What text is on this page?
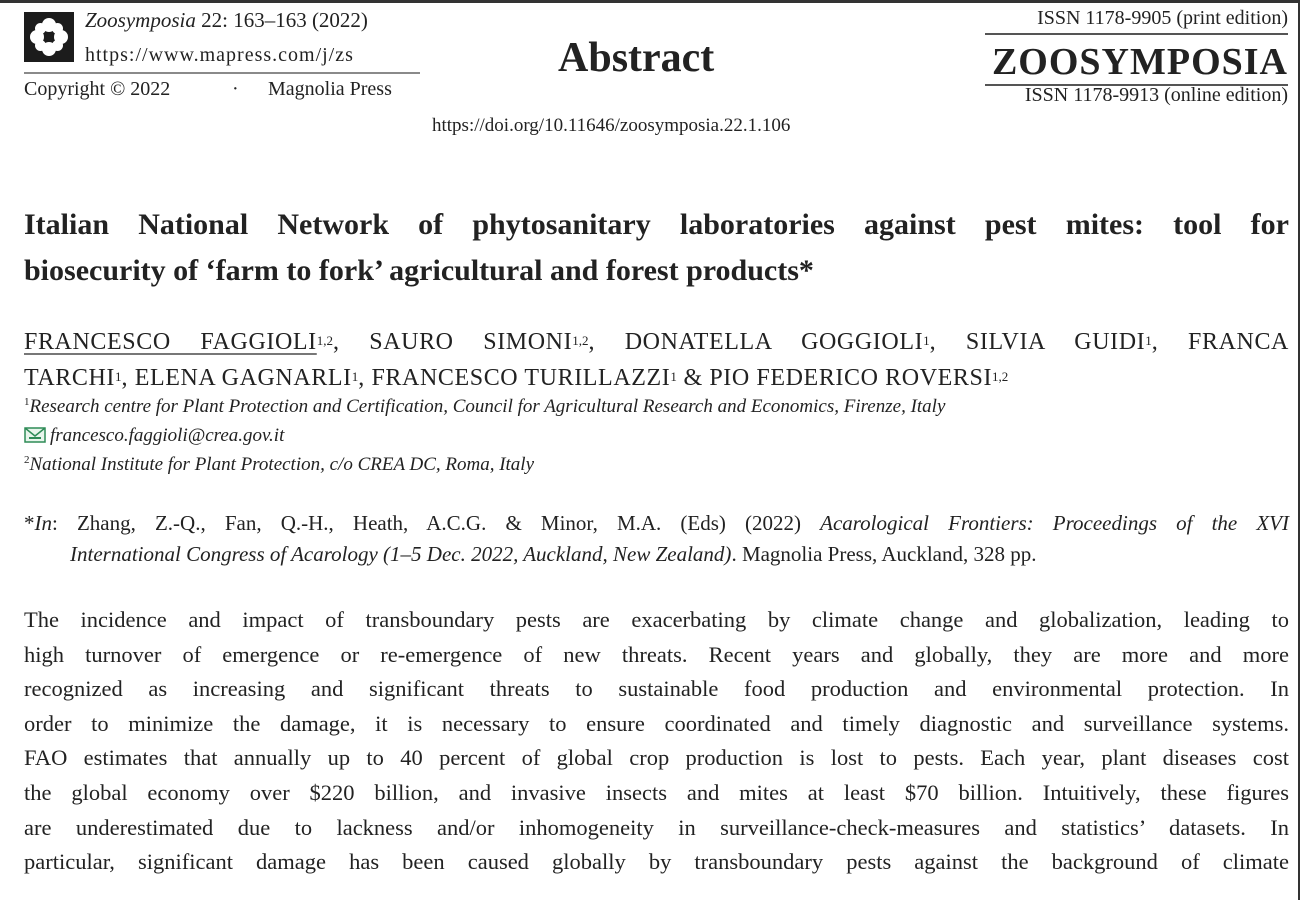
Zoosymposia 22: 163–163 (2022)
https://www.mapress.com/j/zs
Copyright © 2022	· Magnolia Press
Abstract
https://doi.org/10.11646/zoosymposia.22.1.106
ISSN 1178-9905 (print edition)
ZOOSYMPOSIA
ISSN 1178-9913 (online edition)
Italian National Network of phytosanitary laboratories against pest mites: tool for
biosecurity of ‘farm to fork’ agricultural and forest products*
FRANCESCO FAGGIOLI$^{1,2}$, SAURO SIMONI$^{1,2}$, DONATELLA GOGGIOLI$^1$, SILVIA GUIDI$^1$, FRANCA
TARCHI$^1$, ELENA GAGNARLI$^1$, FRANCESCO TURILLAZZI$^1$ & PIO FEDERICO ROVERSI$^{1,2}$
$^1$Research centre for Plant Protection and Certification, Council for Agricultural Research and Economics, Firenze, Italy
francesco.faggioli@crea.gov.it
$^2$National Institute for Plant Protection, c/o CREA DC, Roma, Italy
*In: Zhang, Z.-Q., Fan, Q.-H., Heath, A.C.G. & Minor, M.A. (Eds) (2022) Acarological Frontiers: Proceedings of the XVI
International Congress of Acarology (1–5 Dec. 2022, Auckland, New Zealand). Magnolia Press, Auckland, 328 pp.
The incidence and impact of transboundary pests are exacerbating by climate change and globalization, leading to
high turnover of emergence or re-emergence of new threats. Recent years and globally, they are more and more
recognized as increasing and significant threats to sustainable food production and environmental protection. In
order to minimize the damage, it is necessary to ensure coordinated and timely diagnostic and surveillance systems.
FAO estimates that annually up to 40 percent of global crop production is lost to pests. Each year, plant diseases cost
the global economy over $220 billion, and invasive insects and mites at least $70 billion. Intuitively, these figures
are underestimated due to lackness and/or inhomogeneity in surveillance-check-measures and statistics’ datasets. In
particular, significant damage has been caused globally by transboundary pests against the background of climate
